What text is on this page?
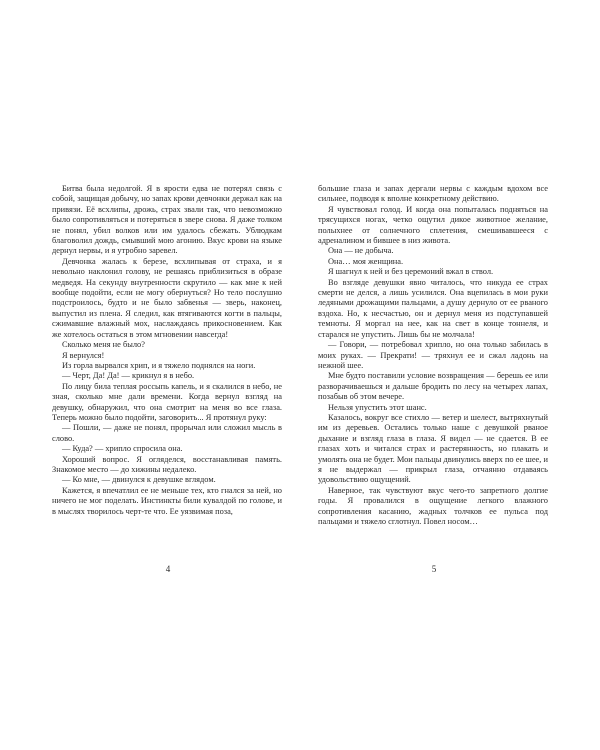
Битва была недолгой. Я в ярости едва не потерял связь с собой, защищая добычу, но запах крови девчонки держал как на привязи. Её всхлипы, дрожь, страх звали так, что невозможно было сопротивляться и потеряться в звере снова. Я даже толком не понял, убил волков или им удалось сбежать. Ублюдкам благоволил дождь, смывший мою агонию. Вкус крови на языке дернул нервы, и я утробно заревел.

Девчонка жалась к березе, всхлипывая от страха, и я невольно наклонил голову, не решаясь приблизиться в образе медведя. На секунду внутренности скрутило — как мне к ней вообще подойти, если не могу обернуться? Но тело послушно подстроилось, будто и не было забвенья — зверь, наконец, выпустил из плена. Я следил, как втягиваются когти в пальцы, сжимавшие влажный мох, наслаждаясь прикосновением. Как же хотелось остаться в этом мгновении навсегда!

Сколько меня не было?

Я вернулся!

Из горла вырвался хрип, и я тяжело поднялся на ноги.

— Черт, Да! Да! — крикнул я в небо.

По лицу била теплая россыпь капель, и я скалился в небо, не зная, сколько мне дали времени. Когда вернул взгляд на девушку, обнаружил, что она смотрит на меня во все глаза. Теперь можно было подойти, заговорить... Я протянул руку:

— Пошли, — даже не понял, прорычал или сложил мысль в слово.

— Куда? — хрипло спросила она.

Хороший вопрос. Я огляделся, восстанавливая память. Знакомое место — до хижины недалеко.

— Ко мне, — двинулся к девушке вглядом.

Кажется, я впечатлил ее не меньше тех, кто гнался за ней, но ничего не мог поделать. Инстинкты били кувалдой по голове, и в мыслях творилось черт-те что. Ее уязвимая поза,

4

большие глаза и запах дергали нервы с каждым вдохом все сильнее, подводя к вполне конкретному действию.

Я чувствовал голод. И когда она попыталась подняться на трясущихся ногах, четко ощутил дикое животное желание, полыхнее от солнечного сплетения, смешивавшееся с адреналином и бившее в низ живота.

Она — не добыча.

Она… моя женщина.

Я шагнул к ней и без церемоний вжал в ствол.

Во взгляде девушки явно читалось, что никуда ее страх смерти не делся, а лишь усилился. Она вцепилась в мои руки ледяными дрожащими пальцами, а душу дернуло от ее рваного вздоха. Но, к несчастью, он и дернул меня из подступавшей темноты. Я моргал на нее, как на свет в конце тоннеля, и старался не упустить. Лишь бы не молчала!

— Говори, — потребовал хрипло, но она только забилась в моих руках. — Прекрати! — тряхнул ее и сжал ладонь на нежной шее.

Мне будто поставили условие возвращения — берешь ее или разворачиваешься и дальше бродить по лесу на четырех лапах, позабыв об этом вечере.

Нельзя упустить этот шанс.

Казалось, вокруг все стихло — ветер и шелест, вытряхнутый им из деревьев. Остались только наше с девушкой рваное дыхание и взгляд глаза в глаза. Я видел — не сдается. В ее глазах хоть и читался страх и растерянность, но плакать и умолять она не будет. Мои пальцы двинулись вверх по ее шее, и я не выдержал — прикрыл глаза, отчаянно отдаваясь удовольствию ощущений.

Наверное, так чувствуют вкус чего-то запретного долгие годы. Я провалился в ощущение легкого влажного сопротивления касанию, жадных толчков ее пульса под пальцами и тяжело сглотнул. Повел носом…

5
